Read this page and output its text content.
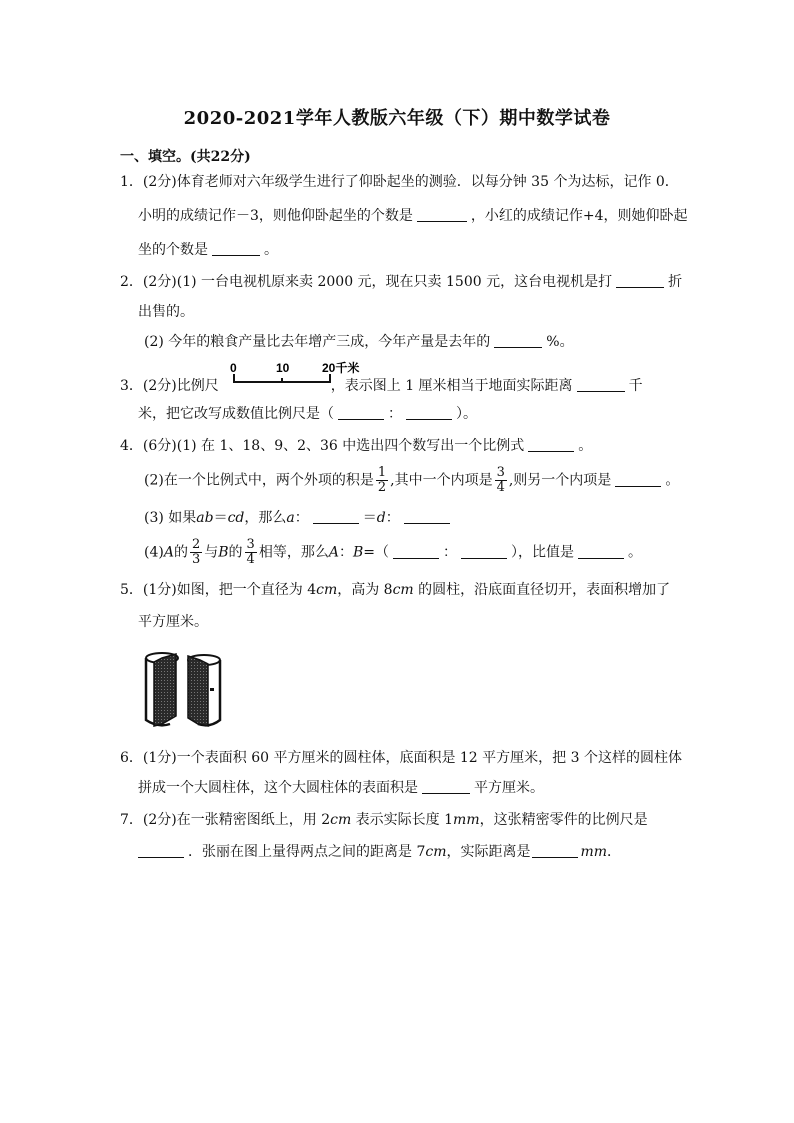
2020-2021学年人教版六年级（下）期中数学试卷
一、填空。(共22分)
1．(2分)体育老师对六年级学生进行了仰卧起坐的测验．以每分钟 35 个为达标，记作 0．
小明的成绩记作－3，则他仰卧起坐的个数是	，小红的成绩记作+4，则她仰卧起
坐的个数是	。
2．(2分)(1) 一台电视机原来卖 2000 元，现在只卖 1500 元，这台电视机是打	折
出售的。
(2) 今年的粮食产量比去年增产三成，今年产量是去年的	%。
0	10	20千米
3．(2分)比例尺	，表示图上 1 厘米相当于地面实际距离	千
米，把它改写成数值比例尺是（	：	）。
4．(6分)(1) 在 1、18、9、2、36 中选出四个数写出一个比例式	。
(2)在一个比例式中，两个外项的积是 $\frac{1}{2}$ ,其中一个内项是 $\frac{3}{4}$ ,则另一个内项是	。
(3) 如果ab＝cd，那么a：	＝d：
(4)A的 $\frac{2}{3}$ 与B的 $\frac{3}{4}$ 相等，那么A：B=（	：	），比值是	。
5．(1分)如图，把一个直径为 4cm，高为 8cm 的圆柱，沿底面直径切开，表面积增加了
平方厘米。
6．(1分)一个表面积 60 平方厘米的圆柱体，底面积是 12 平方厘米，把 3 个这样的圆柱体
拼成一个大圆柱体，这个大圆柱体的表面积是	平方厘米。
7．(2分)在一张精密图纸上，用 2cm 表示实际长度 1mm，这张精密零件的比例尺是
．张丽在图上量得两点之间的距离是 7cm，实际距离是	mm．
